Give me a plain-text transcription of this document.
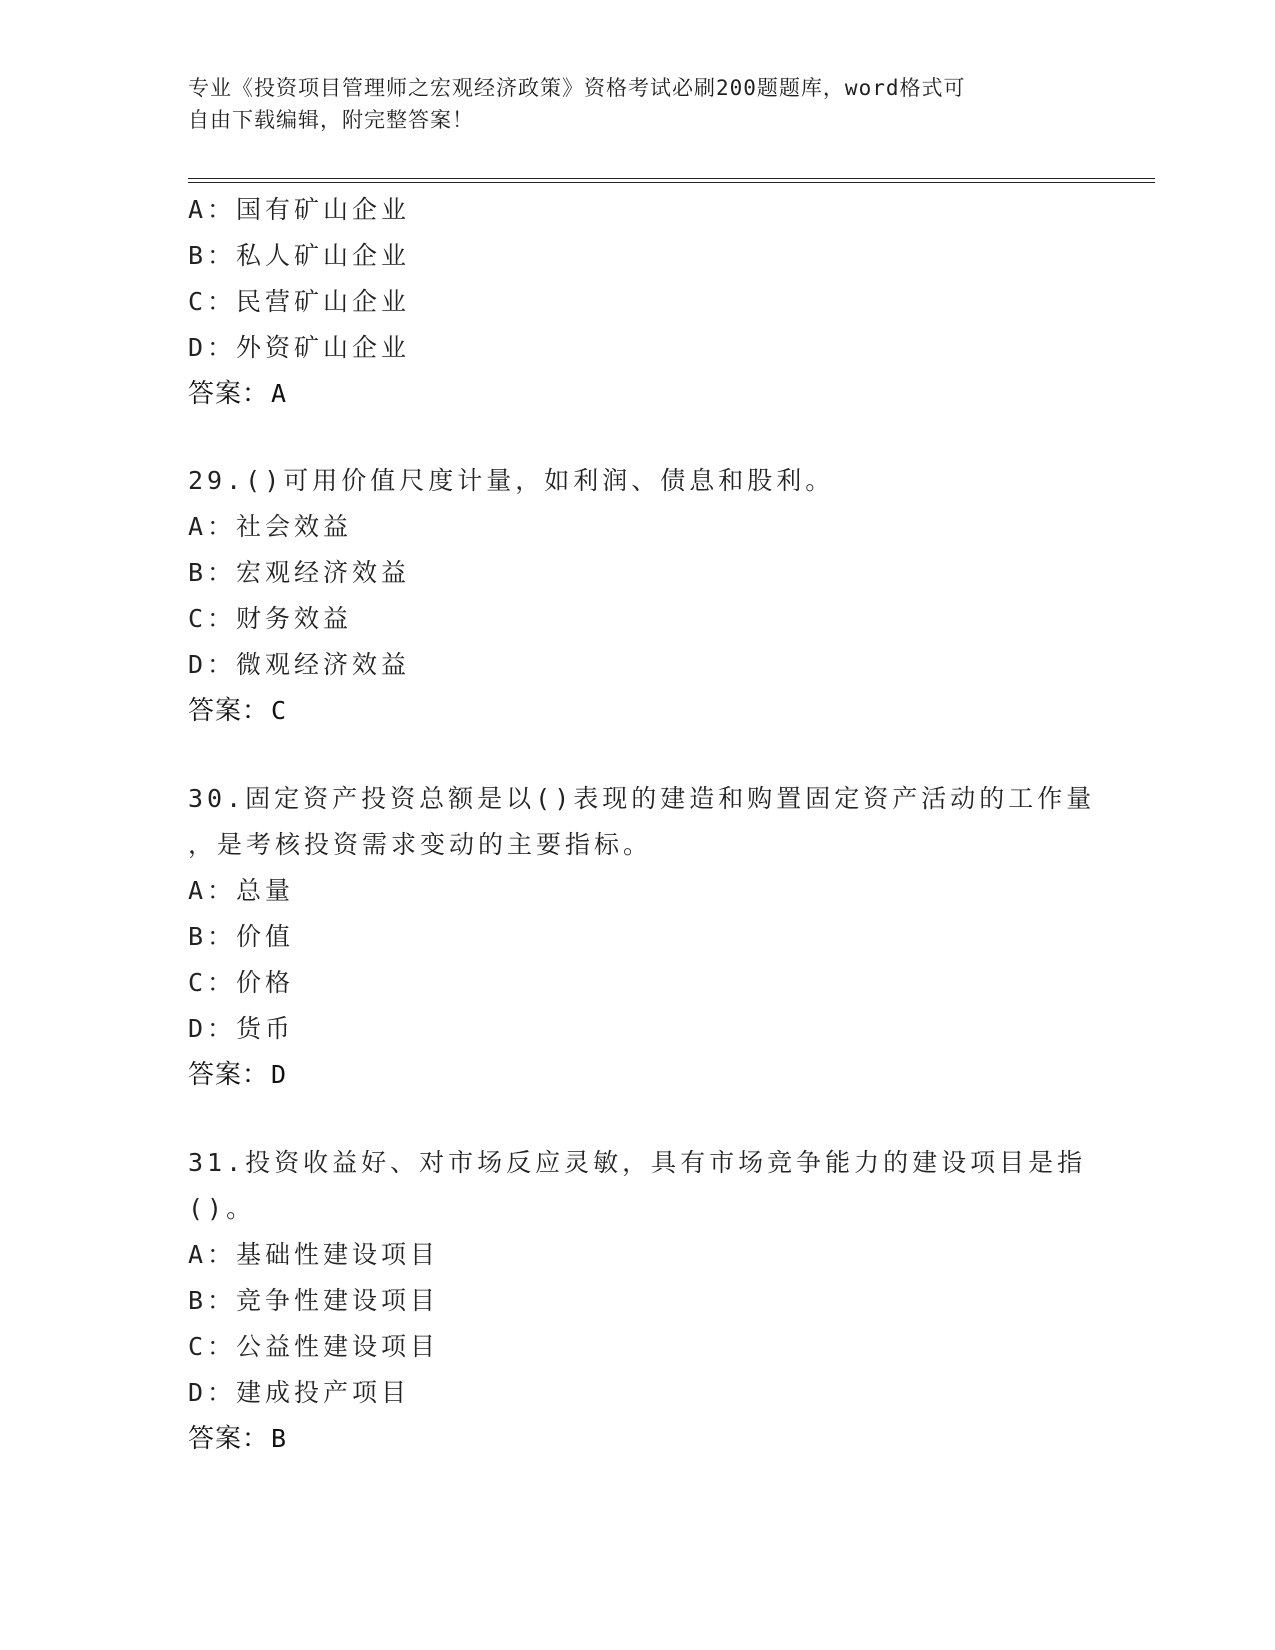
专业《投资项目管理师之宏观经济政策》资格考试必刷200题题库，word格式可
自由下载编辑，附完整答案！
A：国有矿山企业
B：私人矿山企业
C：民营矿山企业
D：外资矿山企业
答案：A
29.()可用价值尺度计量，如利润、债息和股利。
A：社会效益
B：宏观经济效益
C：财务效益
D：微观经济效益
答案：C
30.固定资产投资总额是以()表现的建造和购置固定资产活动的工作量
，是考核投资需求变动的主要指标。
A：总量
B：价值
C：价格
D：货币
答案：D
31.投资收益好、对市场反应灵敏，具有市场竞争能力的建设项目是指
()。
A：基础性建设项目
B：竞争性建设项目
C：公益性建设项目
D：建成投产项目
答案：B
